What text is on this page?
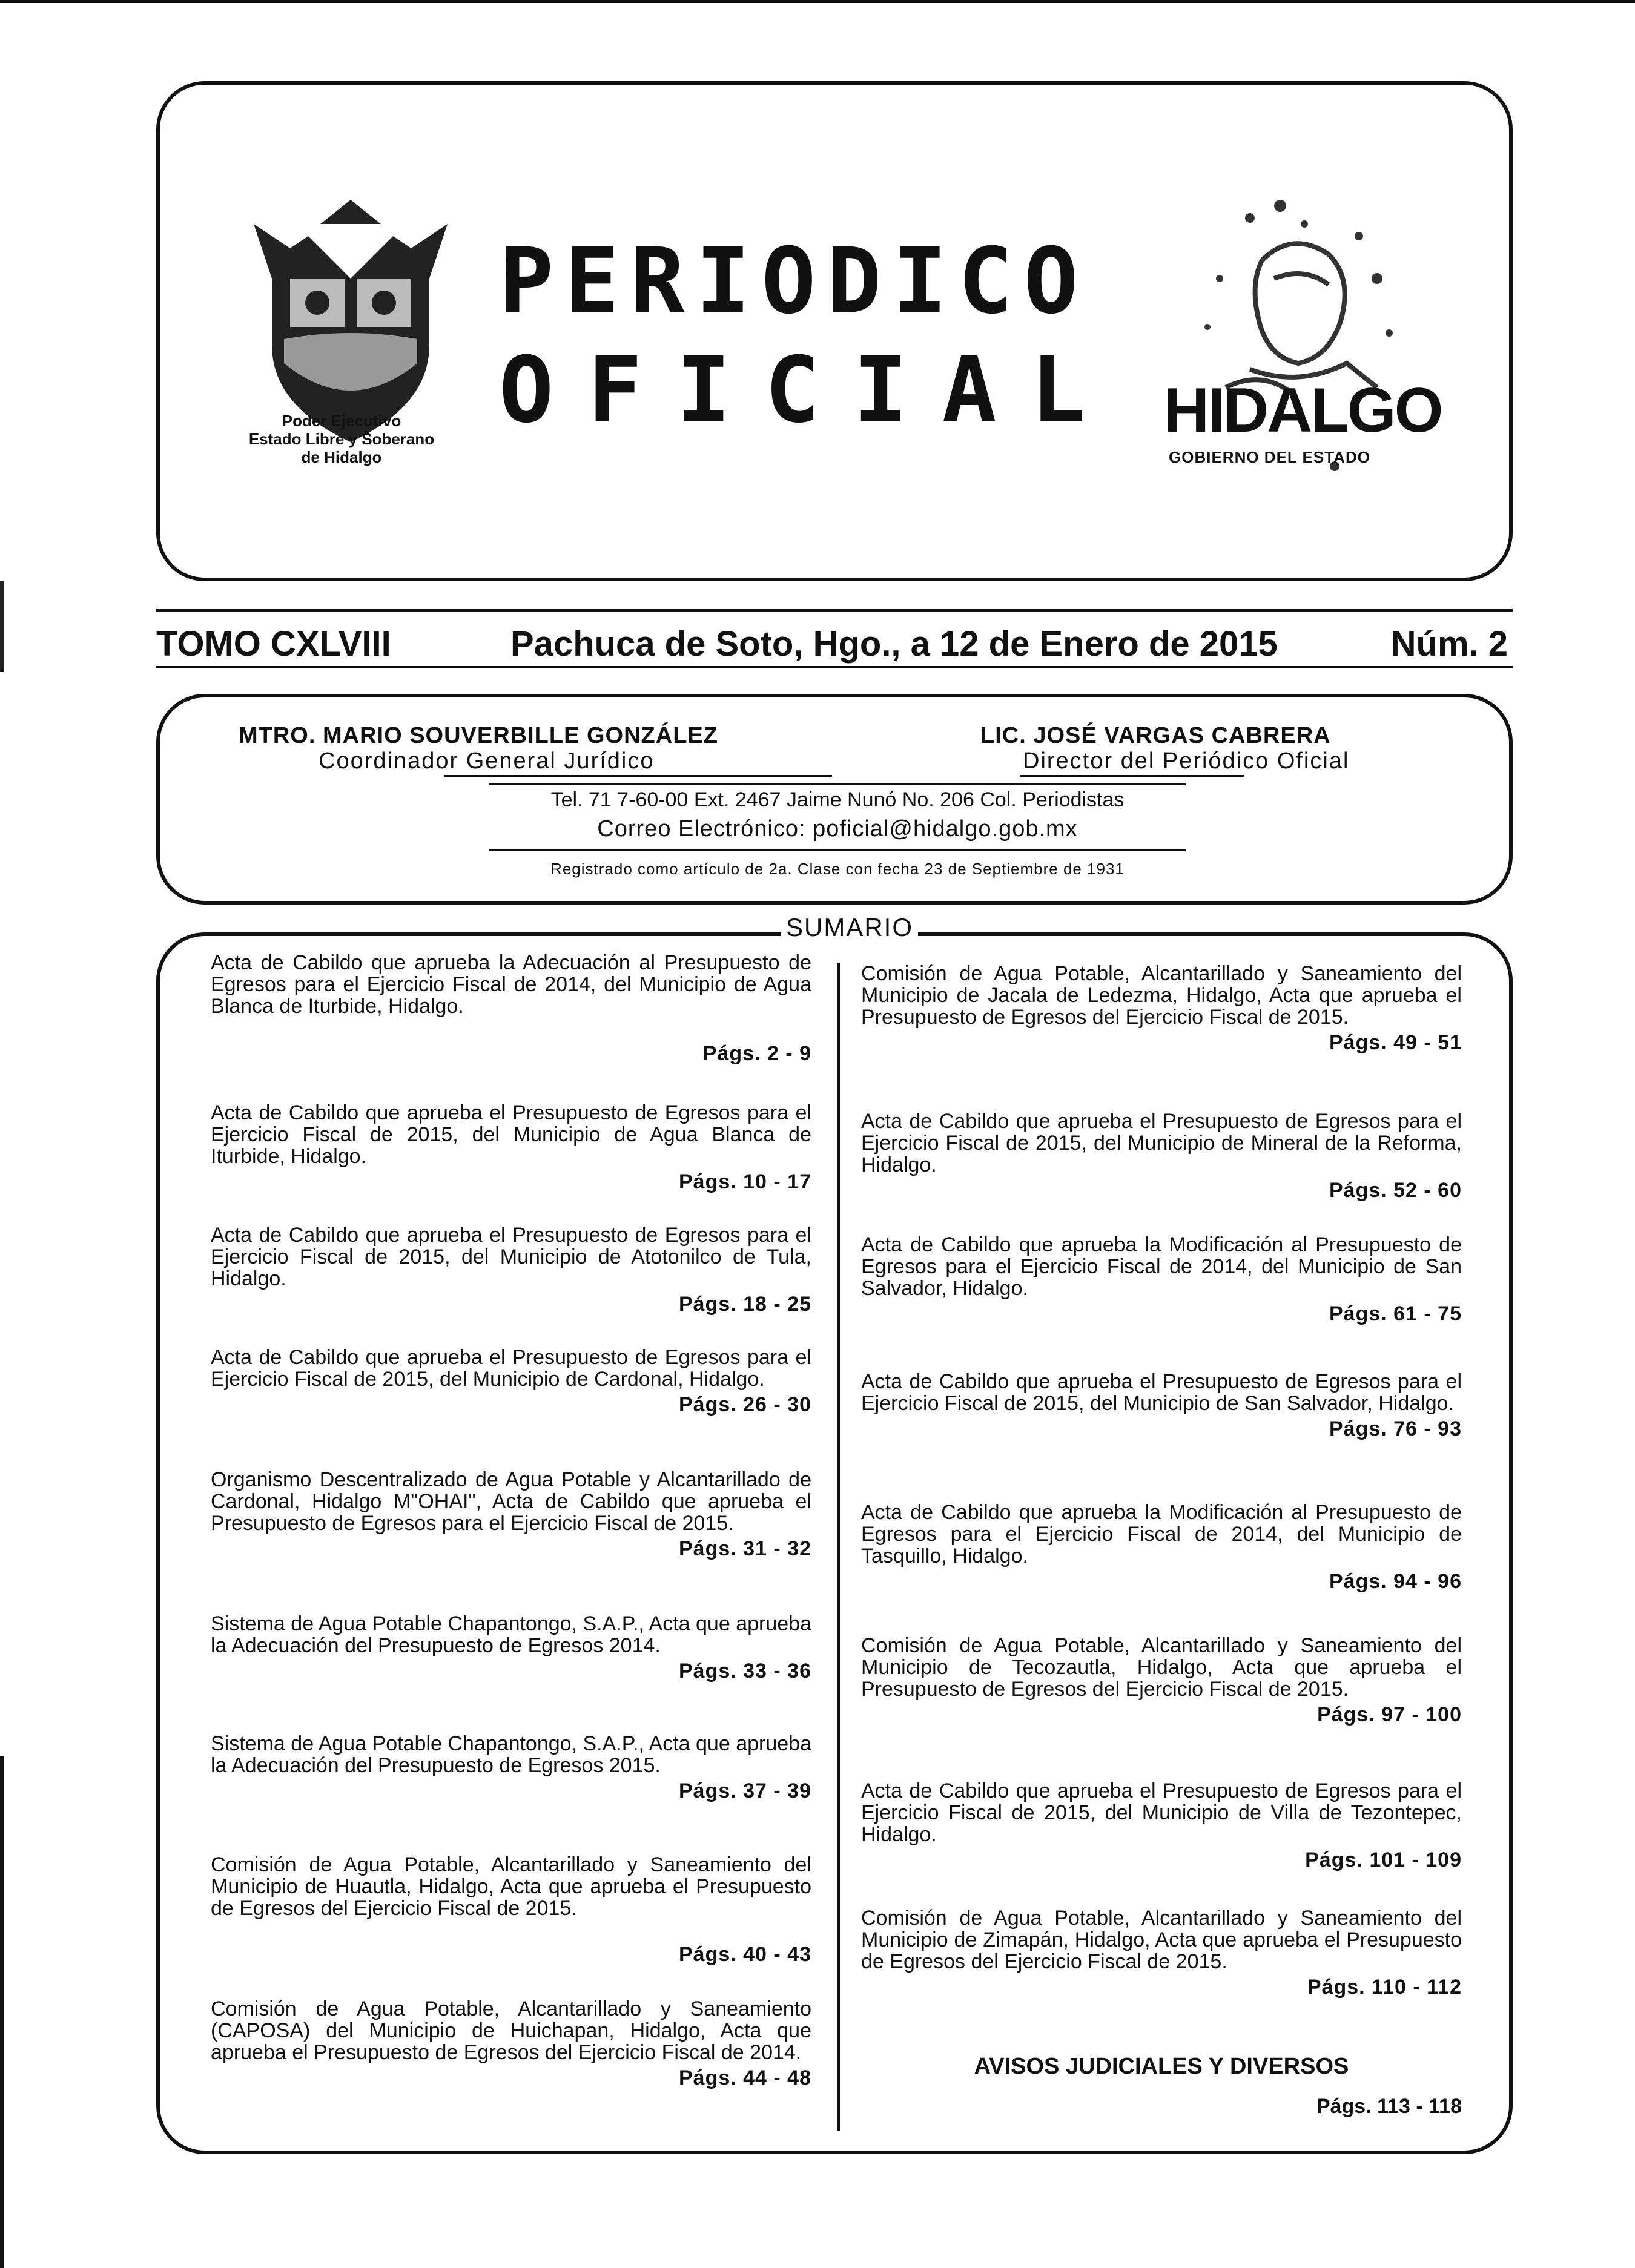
Poder Ejecutivo
Estado Libre y Soberano
de Hidalgo
PERIODICO
OFICIAL HIDALGO
GOBIERNO DEL ESTADO
TOMO CXLVIII	Pachuca de Soto, Hgo., a 12 de Enero de 2015	Núm. 2
MTRO. MARIO SOUVERBILLE GONZÁLEZ
Coordinador General Jurídico
LIC. JOSÉ VARGAS CABRERA
Director del Periódico Oficial
Tel. 71 7-60-00 Ext. 2467 Jaime Nunó No. 206 Col. Periodistas
Correo Electrónico: poficial@hidalgo.gob.mx
Registrado como artículo de 2a. Clase con fecha 23 de Septiembre de 1931
SUMARIO
Acta de Cabildo que aprueba la Adecuación al Presupuesto de Egresos para el Ejercicio Fiscal de 2014, del Municipio de Agua Blanca de Iturbide, Hidalgo.
Págs. 2 - 9
Acta de Cabildo que aprueba el Presupuesto de Egresos para el Ejercicio Fiscal de 2015, del Municipio de Agua Blanca de Iturbide, Hidalgo.
Págs. 10 - 17
Acta de Cabildo que aprueba el Presupuesto de Egresos para el Ejercicio Fiscal de 2015, del Municipio de Atotonilco de Tula, Hidalgo.
Págs. 18 - 25
Acta de Cabildo que aprueba el Presupuesto de Egresos para el Ejercicio Fiscal de 2015, del Municipio de Cardonal, Hidalgo.
Págs. 26 - 30
Organismo Descentralizado de Agua Potable y Alcantarillado de Cardonal, Hidalgo M"OHAI", Acta de Cabildo que aprueba el Presupuesto de Egresos para el Ejercicio Fiscal de 2015.
Págs. 31 - 32
Sistema de Agua Potable Chapantongo, S.A.P., Acta que aprueba la Adecuación del Presupuesto de Egresos 2014.
Págs. 33 - 36
Sistema de Agua Potable Chapantongo, S.A.P., Acta que aprueba la Adecuación del Presupuesto de Egresos 2015.
Págs. 37 - 39
Comisión de Agua Potable, Alcantarillado y Saneamiento del Municipio de Huautla, Hidalgo, Acta que aprueba el Presupuesto de Egresos del Ejercicio Fiscal de 2015.
Págs. 40 - 43
Comisión de Agua Potable, Alcantarillado y Saneamiento (CAPOSA) del Municipio de Huichapan, Hidalgo, Acta que aprueba el Presupuesto de Egresos del Ejercicio Fiscal de 2014.
Págs. 44 - 48
Comisión de Agua Potable, Alcantarillado y Saneamiento del Municipio de Jacala de Ledezma, Hidalgo, Acta que aprueba el Presupuesto de Egresos del Ejercicio Fiscal de 2015.
Págs. 49 - 51
Acta de Cabildo que aprueba el Presupuesto de Egresos para el Ejercicio Fiscal de 2015, del Municipio de Mineral de la Reforma, Hidalgo.
Págs. 52 - 60
Acta de Cabildo que aprueba la Modificación al Presupuesto de Egresos para el Ejercicio Fiscal de 2014, del Municipio de San Salvador, Hidalgo.
Págs. 61 - 75
Acta de Cabildo que aprueba el Presupuesto de Egresos para el Ejercicio Fiscal de 2015, del Municipio de San Salvador, Hidalgo.
Págs. 76 - 93
Acta de Cabildo que aprueba la Modificación al Presupuesto de Egresos para el Ejercicio Fiscal de 2014, del Municipio de Tasquillo, Hidalgo.
Págs. 94 - 96
Comisión de Agua Potable, Alcantarillado y Saneamiento del Municipio de Tecozautla, Hidalgo, Acta que aprueba el Presupuesto de Egresos del Ejercicio Fiscal de 2015.
Págs. 97 - 100
Acta de Cabildo que aprueba el Presupuesto de Egresos para el Ejercicio Fiscal de 2015, del Municipio de Villa de Tezontepec, Hidalgo.
Págs. 101 - 109
Comisión de Agua Potable, Alcantarillado y Saneamiento del Municipio de Zimapán, Hidalgo, Acta que aprueba el Presupuesto de Egresos del Ejercicio Fiscal de 2015.
Págs. 110 - 112
AVISOS JUDICIALES Y DIVERSOS
Págs. 113 - 118
